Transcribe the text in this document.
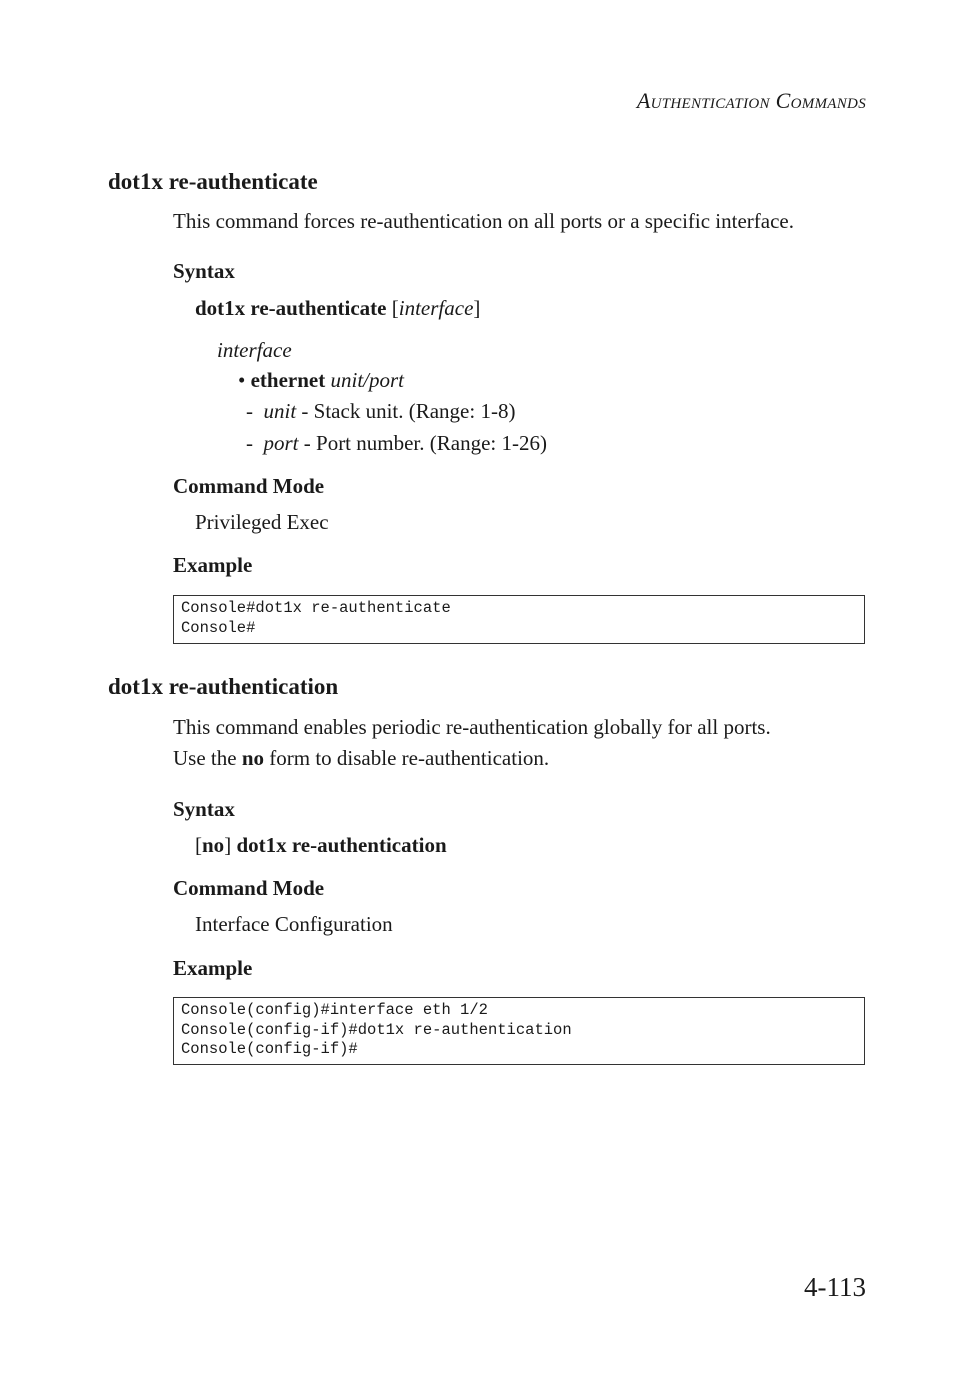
Authentication Commands
dot1x re-authenticate
This command forces re-authentication on all ports or a specific interface.
Syntax
dot1x re-authenticate [interface]
interface
• ethernet unit/port
- unit - Stack unit. (Range: 1-8)
- port - Port number. (Range: 1-26)
Command Mode
Privileged Exec
Example
Console#dot1x re-authenticate
Console#
dot1x re-authentication
This command enables periodic re-authentication globally for all ports.
Use the no form to disable re-authentication.
Syntax
[no] dot1x re-authentication
Command Mode
Interface Configuration
Example
Console(config)#interface eth 1/2
Console(config-if)#dot1x re-authentication
Console(config-if)#
4-113
